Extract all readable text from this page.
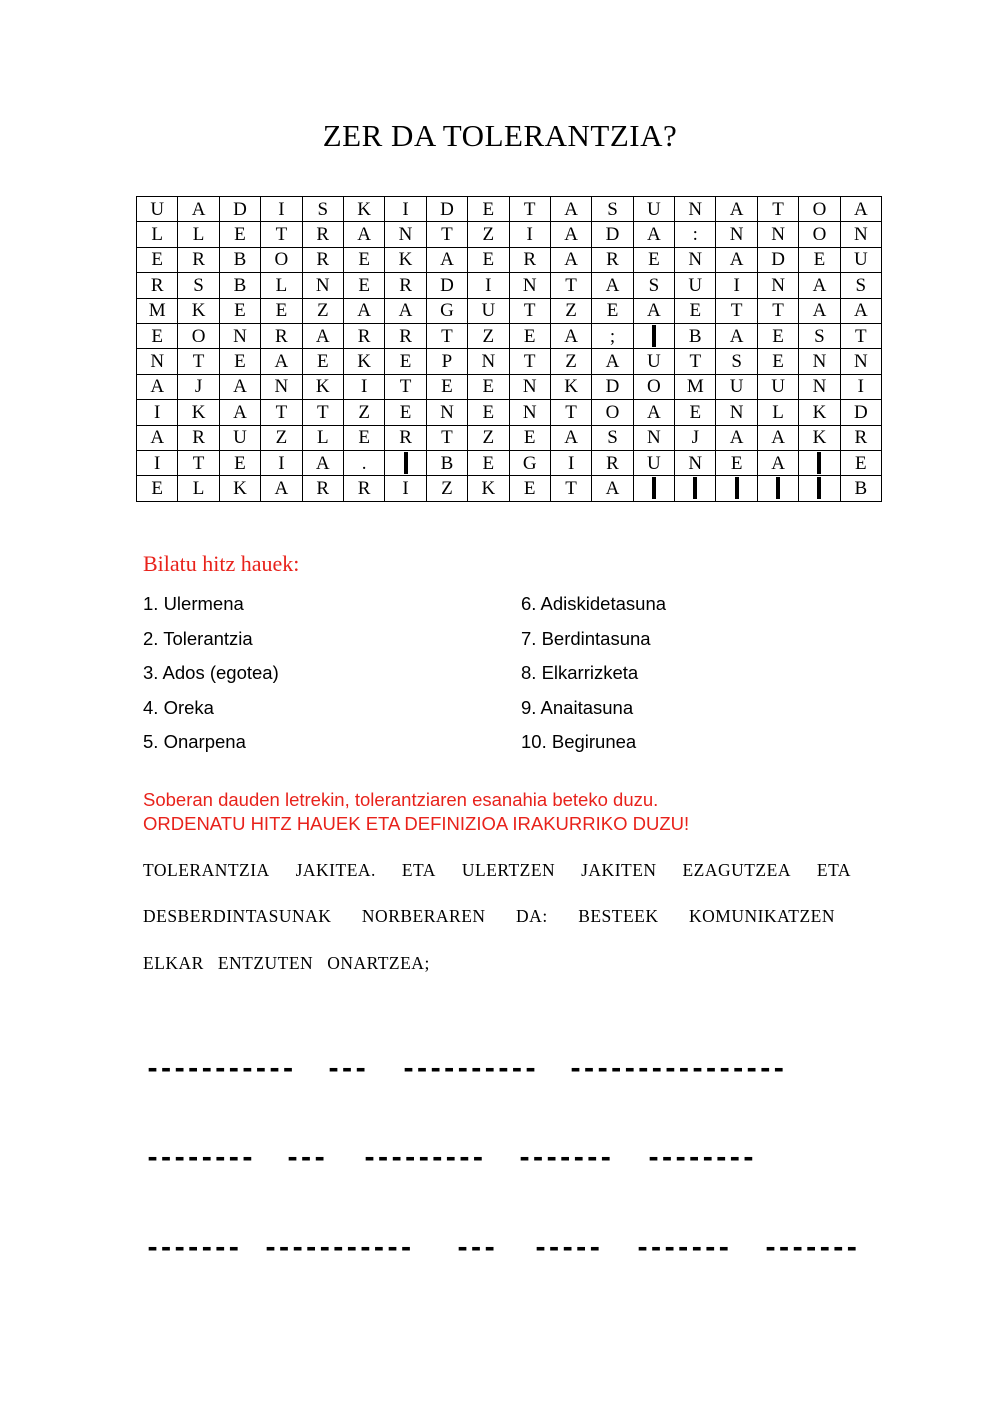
ZER DA TOLERANTZIA?
U	A	D	I	S	K	I	D	E	T	A	S	U	N	A	T	O	A
L	L	E	T	R	A	N	T	Z	I	A	D	A	:	N	N	O	N
E	R	B	O	R	E	K	A	E	R	A	R	E	N	A	D	E	U
R	S	B	L	N	E	R	D	I	N	T	A	S	U	I	N	A	S
M	K	E	E	Z	A	A	G	U	T	Z	E	A	E	T	T	A	A
E	O	N	R	A	R	R	T	Z	E	A	;		B	A	E	S	T
N	T	E	A	E	K	E	P	N	T	Z	A	U	T	S	E	N	N
A	J	A	N	K	I	T	E	E	N	K	D	O	M	U	U	N	I
I	K	A	T	T	Z	E	N	E	N	T	O	A	E	N	L	K	D
A	R	U	Z	L	E	R	T	Z	E	A	S	N	J	A	A	K	R
I	T	E	I	A	.		B	E	G	I	R	U	N	E	A		E
E	L	K	A	R	R	I	Z	K	E	T	A						B
Bilatu hitz hauek:
1. Ulermena
2. Tolerantzia
3. Ados (egotea)
4. Oreka
5. Onarpena
6. Adiskidetasuna
7. Berdintasuna
8. Elkarrizketa
9. Anaitasuna
10. Begirunea
Soberan dauden letrekin, tolerantziaren esanahia beteko duzu.
ORDENATU HITZ HAUEK ETA DEFINIZIOA IRAKURRIKO DUZU!
TOLERANTZIA JAKITEA. ETA ULERTZEN JAKITEN EZAGUTZEA ETA
DESBERDINTASUNAK NORBERAREN DA: BESTEEK KOMUNIKATZEN
ELKAR ENTZUTEN ONARTZEA;
----------- --- ---------- ----------------
-------- --- --------- ------- --------
------- ----------- --- ----- ------- -------
